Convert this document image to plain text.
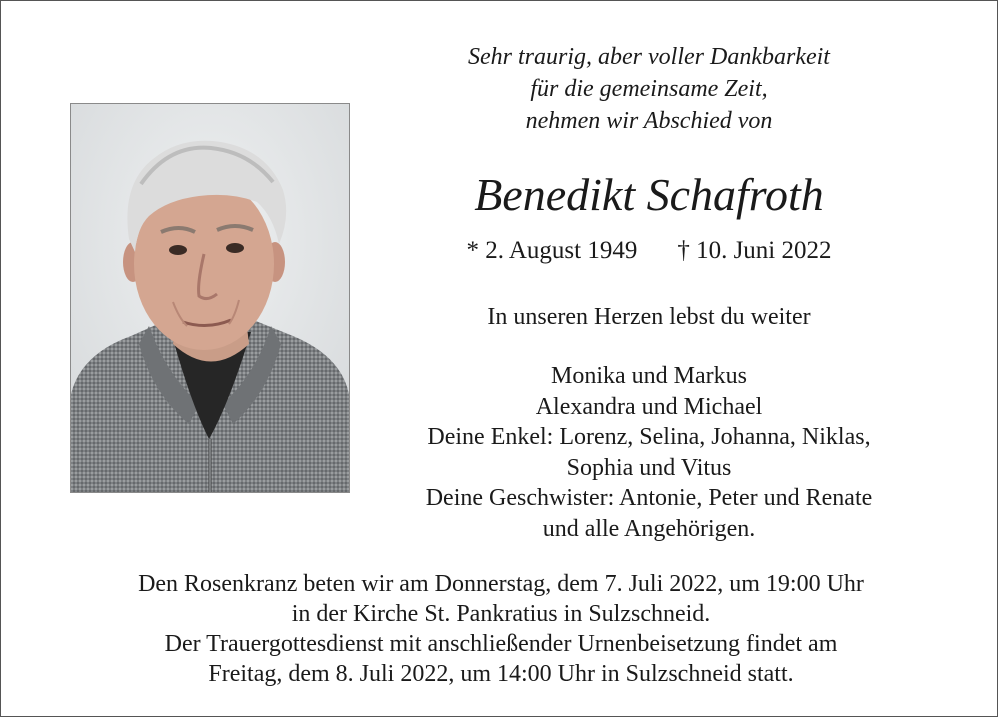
Sehr traurig, aber voller Dankbarkeit
für die gemeinsame Zeit,
nehmen wir Abschied von
Benedikt Schafroth
* 2. August 1949 † 10. Juni 2022
In unseren Herzen lebst du weiter
Monika und Markus
Alexandra und Michael
Deine Enkel: Lorenz, Selina, Johanna, Niklas,
Sophia und Vitus
Deine Geschwister: Antonie, Peter und Renate
und alle Angehörigen.
Den Rosenkranz beten wir am Donnerstag, dem 7. Juli 2022, um 19:00 Uhr
in der Kirche St. Pankratius in Sulzschneid.
Der Trauergottesdienst mit anschließender Urnenbeisetzung findet am
Freitag, dem 8. Juli 2022, um 14:00 Uhr in Sulzschneid statt.
